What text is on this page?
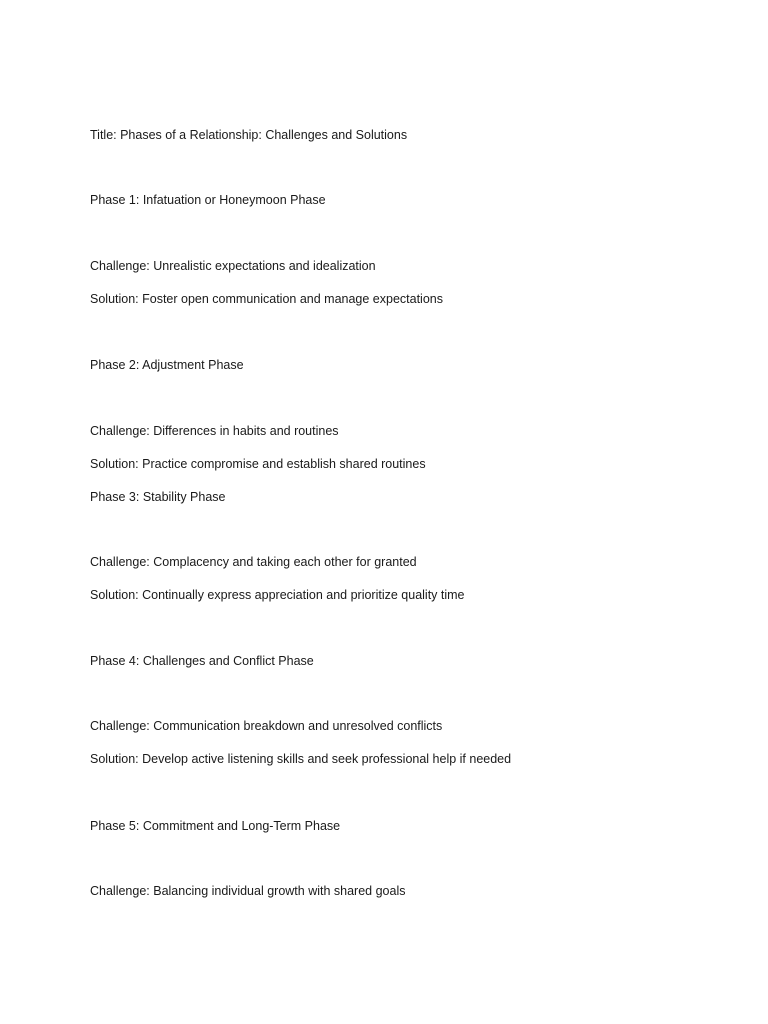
Title: Phases of a Relationship: Challenges and Solutions
Phase 1: Infatuation or Honeymoon Phase
Challenge: Unrealistic expectations and idealization
Solution: Foster open communication and manage expectations
Phase 2: Adjustment Phase
Challenge: Differences in habits and routines
Solution: Practice compromise and establish shared routines
Phase 3: Stability Phase
Challenge: Complacency and taking each other for granted
Solution: Continually express appreciation and prioritize quality time
Phase 4: Challenges and Conflict Phase
Challenge: Communication breakdown and unresolved conflicts
Solution: Develop active listening skills and seek professional help if needed
Phase 5: Commitment and Long-Term Phase
Challenge: Balancing individual growth with shared goals
